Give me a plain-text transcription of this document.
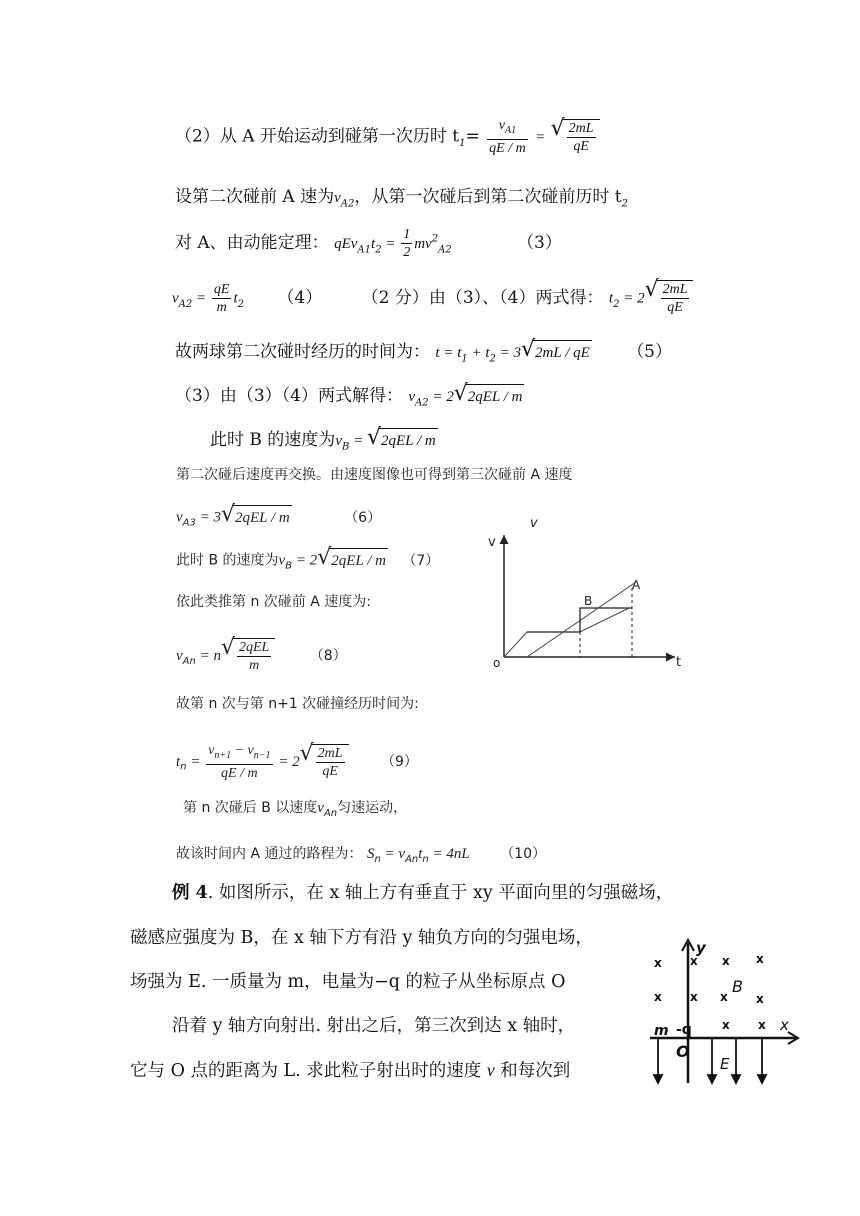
（2）从 A 开始运动到碰第一次历时 $t_1= \frac{v_{A1}}{qE / m}$ =
√ $\frac{2mL}{qE}$
设第二次碰前 A 速为$v_{A2}$，从第一次碰后到第二次碰前历时 $t_2$
对 A、由动能定理： $qEv_{A1}t_2 = \frac{1}{2} mv^2_{A2}$	（3）
$v_{A2} = \frac{qE}{m} t_2$ （4） （2 分）由（3）、（4）两式得： $t_2 = 2$
√ $\frac{2mL}{qE}$
故两球第二次碰时经历的时间为： $t = t_1 + t_2 = 3√$ 2mL / qE （5）
（3）由（3）（4）两式解得： $v_{A2} = 2√$ 2qEL / m
此时 B 的速度为$v_B$ = √ 2qEL / m
第二次碰后速度再交换。由速度图像也可得到第三次碰前 A 速度
$v_{A3} = 3√$ 2qEL / m	（6）
此时 B 的速度为$v_B = 2√$ 2qEL / m （7）
依此类推第 n 次碰前 A 速度为:
$v_{An} = n$
√ $\frac{\text{2qEL}}{m}$	（8）
故第 n 次与第 n+1 次碰撞经历时间为:
$t_n = \frac{v_{n+1} - v_{n-1}}{qE / m} = 2$
√ $\frac{2mL}{qE}$	（9）
第 n 次碰后 B 以速度$v_{An}$匀速运动，
故该时间内 A 通过的路程为： $S_n = v_{An}t_n = 4nL$ （10）
v
v
t
o
B
A
例 4. 如图所示，在 x 轴上方有垂直于 xy 平面向里的匀强磁场，
磁感应强度为 B，在 x 轴下方有沿 y 轴负方向的匀强电场，
场强为 E. 一质量为 m，电量为−q 的粒子从坐标原点 O
沿着 y 轴方向射出. 射出之后，第三次到达 x 轴时，
它与 O 点的距离为 L. 求此粒子射出时的速度 v 和每次到
y
x
B
E
O
m -q
x x x x
x x x x
x x
